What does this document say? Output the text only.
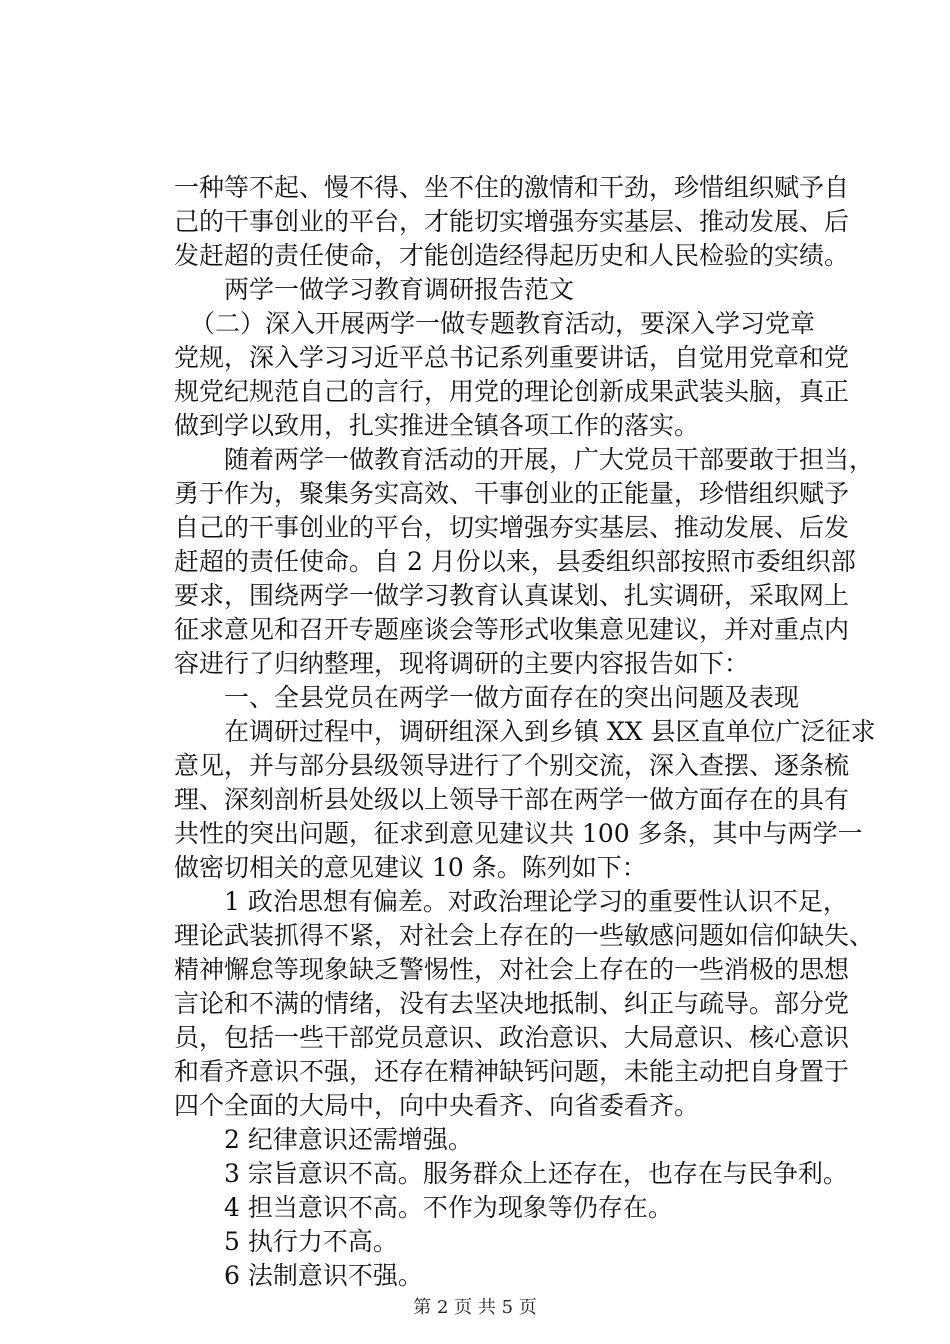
一种等不起、慢不得、坐不住的激情和干劲，珍惜组织赋予自
己的干事创业的平台，才能切实增强夯实基层、推动发展、后
发赶超的责任使命，才能创造经得起历史和人民检验的实绩。
两学一做学习教育调研报告范文
（二）深入开展两学一做专题教育活动，要深入学习党章
党规，深入学习习近平总书记系列重要讲话，自觉用党章和党
规党纪规范自己的言行，用党的理论创新成果武装头脑，真正
做到学以致用，扎实推进全镇各项工作的落实。
随着两学一做教育活动的开展，广大党员干部要敢于担当，
勇于作为，聚集务实高效、干事创业的正能量，珍惜组织赋予
自己的干事创业的平台，切实增强夯实基层、推动发展、后发
赶超的责任使命。自 2 月份以来，县委组织部按照市委组织部
要求，围绕两学一做学习教育认真谋划、扎实调研，采取网上
征求意见和召开专题座谈会等形式收集意见建议，并对重点内
容进行了归纳整理，现将调研的主要内容报告如下：
一、全县党员在两学一做方面存在的突出问题及表现
在调研过程中，调研组深入到乡镇 XX 县区直单位广泛征求
意见，并与部分县级领导进行了个别交流，深入查摆、逐条梳
理、深刻剖析县处级以上领导干部在两学一做方面存在的具有
共性的突出问题，征求到意见建议共 100 多条，其中与两学一
做密切相关的意见建议 10 条。陈列如下：
1 政治思想有偏差。对政治理论学习的重要性认识不足，
理论武装抓得不紧，对社会上存在的一些敏感问题如信仰缺失、
精神懈怠等现象缺乏警惕性，对社会上存在的一些消极的思想
言论和不满的情绪，没有去坚决地抵制、纠正与疏导。部分党
员，包括一些干部党员意识、政治意识、大局意识、核心意识
和看齐意识不强，还存在精神缺钙问题，未能主动把自身置于
四个全面的大局中，向中央看齐、向省委看齐。
2 纪律意识还需增强。
3 宗旨意识不高。服务群众上还存在，也存在与民争利。
4 担当意识不高。不作为现象等仍存在。
5 执行力不高。
6 法制意识不强。
第 2 页 共 5 页
